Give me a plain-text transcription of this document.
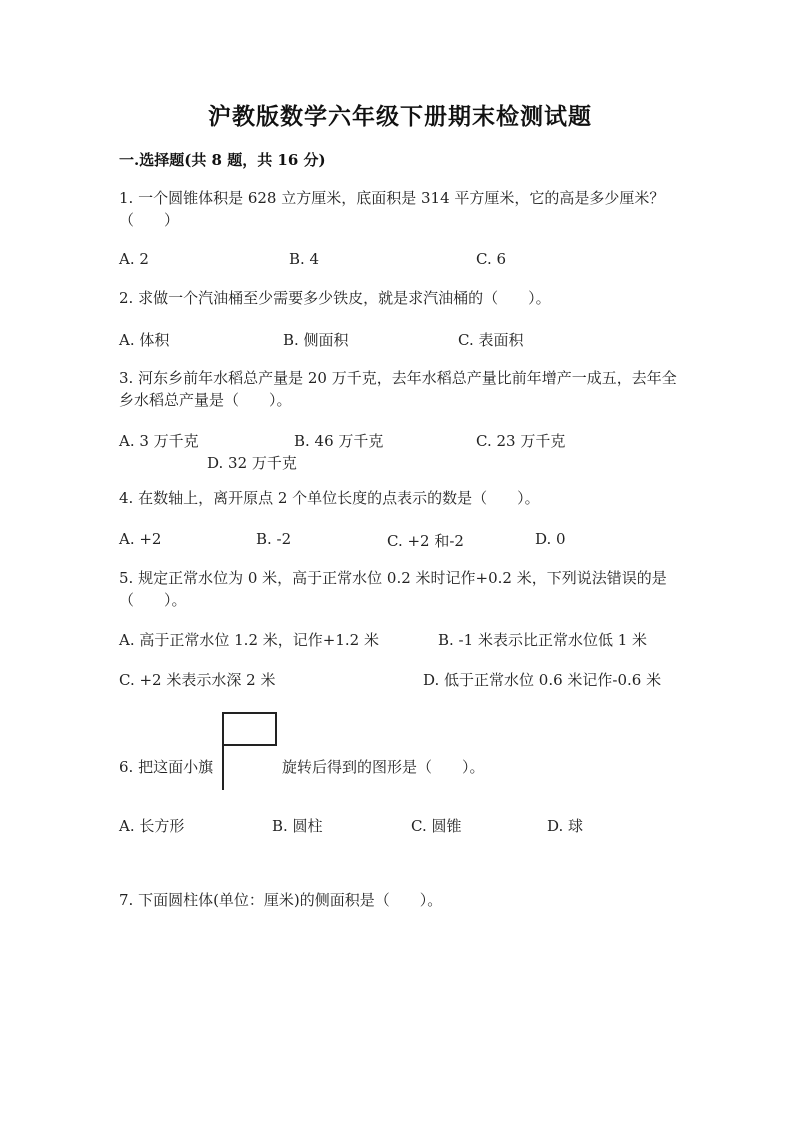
沪教版数学六年级下册期末检测试题
一.选择题(共 8 题，共 16 分)
1. 一个圆锥体积是 628 立方厘米，底面积是 314 平方厘米，它的高是多少厘米？（　　）
A. 2	B. 4	C. 6
2. 求做一个汽油桶至少需要多少铁皮，就是求汽油桶的（　　）。
A. 体积	B. 侧面积	C. 表面积
3. 河东乡前年水稻总产量是 20 万千克，去年水稻总产量比前年增产一成五，去年全乡水稻总产量是（　　）。
A. 3 万千克	B. 46 万千克	C. 23 万千克
D. 32 万千克
4. 在数轴上，离开原点 2 个单位长度的点表示的数是（　　）。
A. +2	B. -2	C. +2 和-2	D. 0
5. 规定正常水位为 0 米，高于正常水位 0.2 米时记作+0.2 米，下列说法错误的是（　　）。
A. 高于正常水位 1.2 米，记作+1.2 米	B. -1 米表示比正常水位低 1 米
C. +2 米表示水深 2 米	D. 低于正常水位 0.6 米记作-0.6 米
6. 把这面小旗	旋转后得到的图形是（　　）。
A. 长方形	B. 圆柱	C. 圆锥	D. 球
7. 下面圆柱体(单位：厘米)的侧面积是（　　）。
